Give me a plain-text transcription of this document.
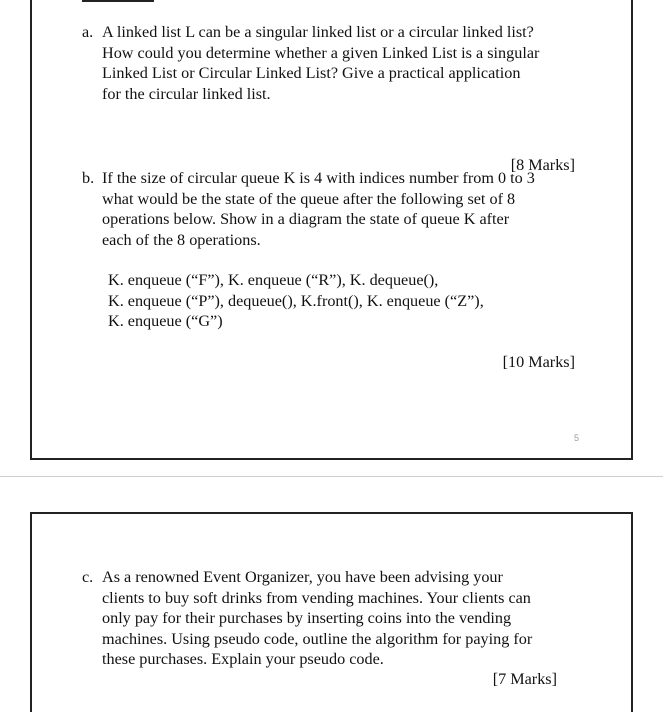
a. A linked list L can be a singular linked list or a circular linked list?

How could you determine whether a given Linked List is a singular

Linked List or Circular Linked List? Give a practical application

for the circular linked list.

[8 Marks]
b. If the size of circular queue K is 4 with indices number from 0 to 3

what would be the state of the queue after the following set of 8

operations below. Show in a diagram the state of queue K after

each of the 8 operations.

K. enqueue (“F”), K. enqueue (“R”), K. dequeue(),
K. enqueue (“P”), dequeue(), K.front(), K. enqueue (“Z”),
K. enqueue (“G”)
[10 Marks]
5
c. As a renowned Event Organizer, you have been advising your

clients to buy soft drinks from vending machines. Your clients can

only pay for their purchases by inserting coins into the vending

machines. Using pseudo code, outline the algorithm for paying for

these purchases. Explain your pseudo code.

[7 Marks]
